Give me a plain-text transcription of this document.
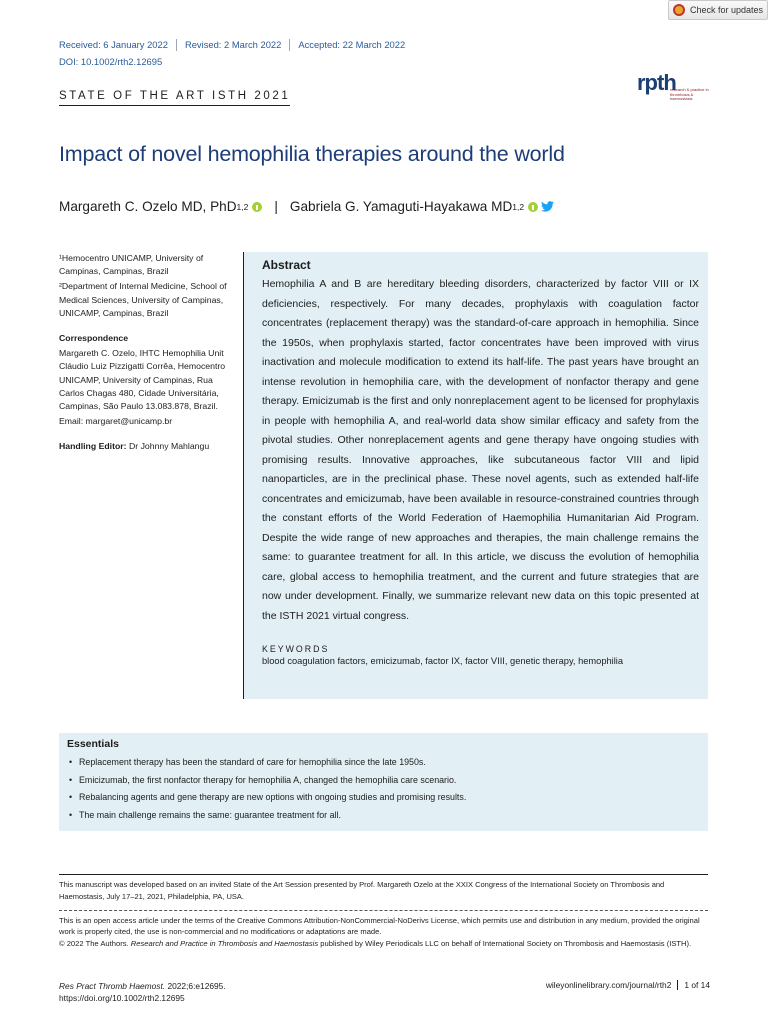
Check for updates
Received: 6 January 2022	Revised: 2 March 2022	Accepted: 22 March 2022
DOI: 10.1002/rth2.12695
rpth
research & practice in thrombosis & haemostasis
STATE OF THE ART ISTH 2021
Impact of novel hemophilia therapies around the world
Margareth C. Ozelo MD, PhD 1,2 | Gabriela G. Yamaguti-Hayakawa MD 1,2

¹Hemocentro UNICAMP, University of Campinas, Campinas, Brazil

²Department of Internal Medicine, School of Medical Sciences, University of Campinas, UNICAMP, Campinas, Brazil

Correspondence

Margareth C. Ozelo, IHTC Hemophilia Unit Cláudio Luiz Pizzigatti Corrêa, Hemocentro UNICAMP, University of Campinas, Rua Carlos Chagas 480, Cidade Universitária, Campinas, São Paulo 13.083.878, Brazil.

Email: margaret@unicamp.br

Handling Editor: Dr Johnny Mahlangu

Abstract
Hemophilia A and B are hereditary bleeding disorders, characterized by factor VIII or IX deficiencies, respectively. For many decades, prophylaxis with coagulation factor concentrates (replacement therapy) was the standard-of-care approach in hemophilia. Since the 1950s, when prophylaxis started, factor concentrates have been improved with virus inactivation and molecule modification to extend its half-life. The past years have brought an intense revolution in hemophilia care, with the development of nonfactor therapy and gene therapy. Emicizumab is the first and only nonreplacement agent to be licensed for prophylaxis in people with hemophilia A, and real-world data show similar efficacy and safety from the pivotal studies. Other nonreplacement agents and gene therapy have ongoing studies with promising results. Innovative approaches, like subcutaneous factor VIII and lipid nanoparticles, are in the preclinical phase. These novel agents, such as extended half-life concentrates and emicizumab, have been available in resource-constrained countries through the constant efforts of the World Federation of Haemophilia Humanitarian Aid Program. Despite the wide range of new approaches and therapies, the main challenge remains the same: to guarantee treatment for all. In this article, we discuss the evolution of hemophilia care, global access to hemophilia treatment, and the current and future strategies that are now under development. Finally, we summarize relevant new data on this topic presented at the ISTH 2021 virtual congress.
KEYWORDS
blood coagulation factors, emicizumab, factor IX, factor VIII, genetic therapy, hemophilia
Essentials
• Replacement therapy has been the standard of care for hemophilia since the late 1950s.
• Emicizumab, the first nonfactor therapy for hemophilia A, changed the hemophilia care scenario.
• Rebalancing agents and gene therapy are new options with ongoing studies and promising results.
• The main challenge remains the same: guarantee treatment for all.
This manuscript was developed based on an invited State of the Art Session presented by Prof. Margareth Ozelo at the XXIX Congress of the International Society on Thrombosis and Haemostasis, July 17–21, 2021, Philadelphia, PA, USA.

This is an open access article under the terms of the Creative Commons Attribution-NonCommercial-NoDerivs License, which permits use and distribution in any medium, provided the original work is properly cited, the use is non-commercial and no modifications or adaptations are made.

© 2022 The Authors. Research and Practice in Thrombosis and Haemostasis published by Wiley Periodicals LLC on behalf of International Society on Thrombosis and Haemostasis (ISTH).

Res Pract Thromb Haemost. 2022;6:e12695.

https://doi.org/10.1002/rth2.12695

wileyonlinelibrary.com/journal/rth2	1 of 14
